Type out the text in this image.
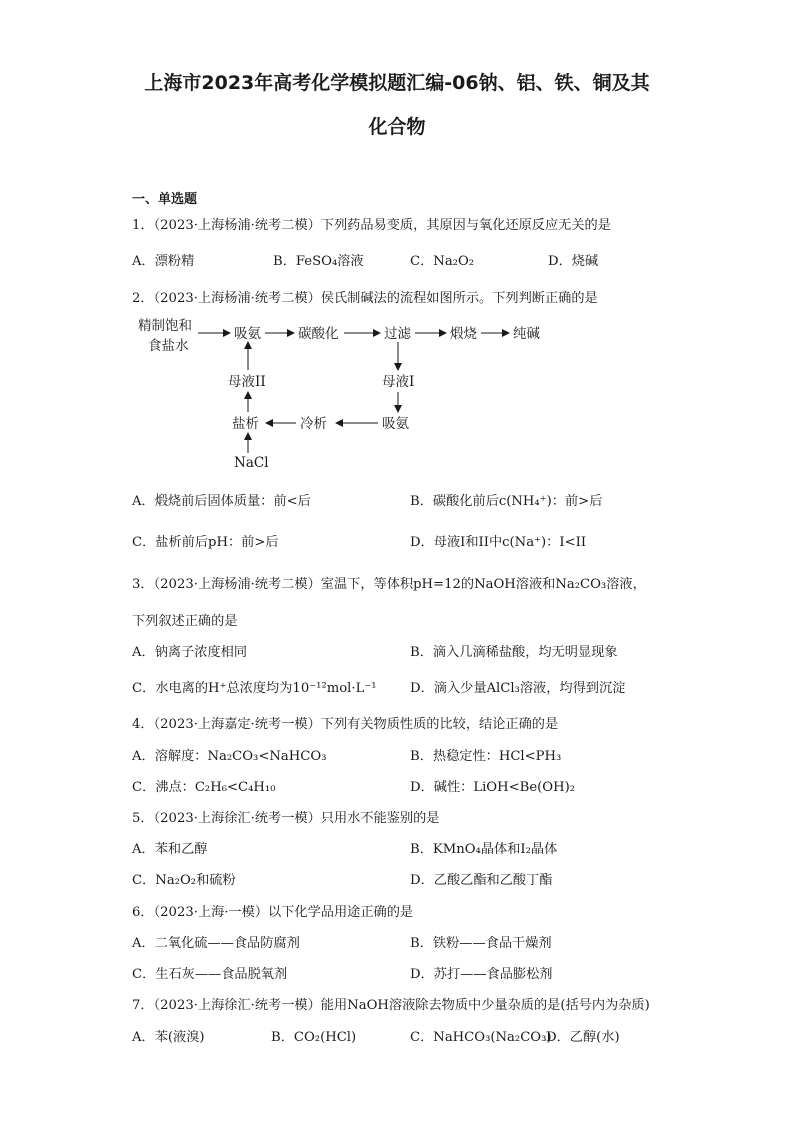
上海市2023年高考化学模拟题汇编-06钠、铝、铁、铜及其
化合物
一、单选题
1．（2023·上海杨浦·统考二模）下列药品易变质，其原因与氧化还原反应无关的是
A．漂粉精	B．FeSO₄溶液	C．Na₂O₂	D．烧碱
2．（2023·上海杨浦·统考二模）侯氏制碱法的流程如图所示。下列判断正确的是
精制饱和
食盐水
吸氨	碳酸化	过滤	煅烧	纯碱
母液II	母液I
盐析	冷析	吸氨
NaCl
A．煅烧前后固体质量：前<后	B．碳酸化前后c(NH₄⁺)：前>后
C．盐析前后pH：前>后	D．母液I和II中c(Na⁺)：I<II
3．（2023·上海杨浦·统考二模）室温下，等体积pH=12的NaOH溶液和Na₂CO₃溶液，
下列叙述正确的是
A．钠离子浓度相同	B．滴入几滴稀盐酸，均无明显现象
C．水电离的H⁺总浓度均为10⁻¹²mol·L⁻¹	D．滴入少量AlCl₃溶液，均得到沉淀
4．（2023·上海嘉定·统考一模）下列有关物质性质的比较，结论正确的是
A．溶解度：Na₂CO₃<NaHCO₃	B．热稳定性：HCl<PH₃
C．沸点：C₂H₆<C₄H₁₀	D．碱性：LiOH<Be(OH)₂
5．（2023·上海徐汇·统考一模）只用水不能鉴别的是
A．苯和乙醇	B．KMnO₄晶体和I₂晶体
C．Na₂O₂和硫粉	D．乙酸乙酯和乙酸丁酯
6．（2023·上海·一模）以下化学品用途正确的是
A．二氧化硫——食品防腐剂	B．铁粉——食品干燥剂
C．生石灰——食品脱氧剂	D．苏打——食品膨松剂
7．（2023·上海徐汇·统考一模）能用NaOH溶液除去物质中少量杂质的是(括号内为杂质)
A．苯(液溴)	B．CO₂(HCl)	C．NaHCO₃(Na₂CO₃)
D．乙醇(水)
